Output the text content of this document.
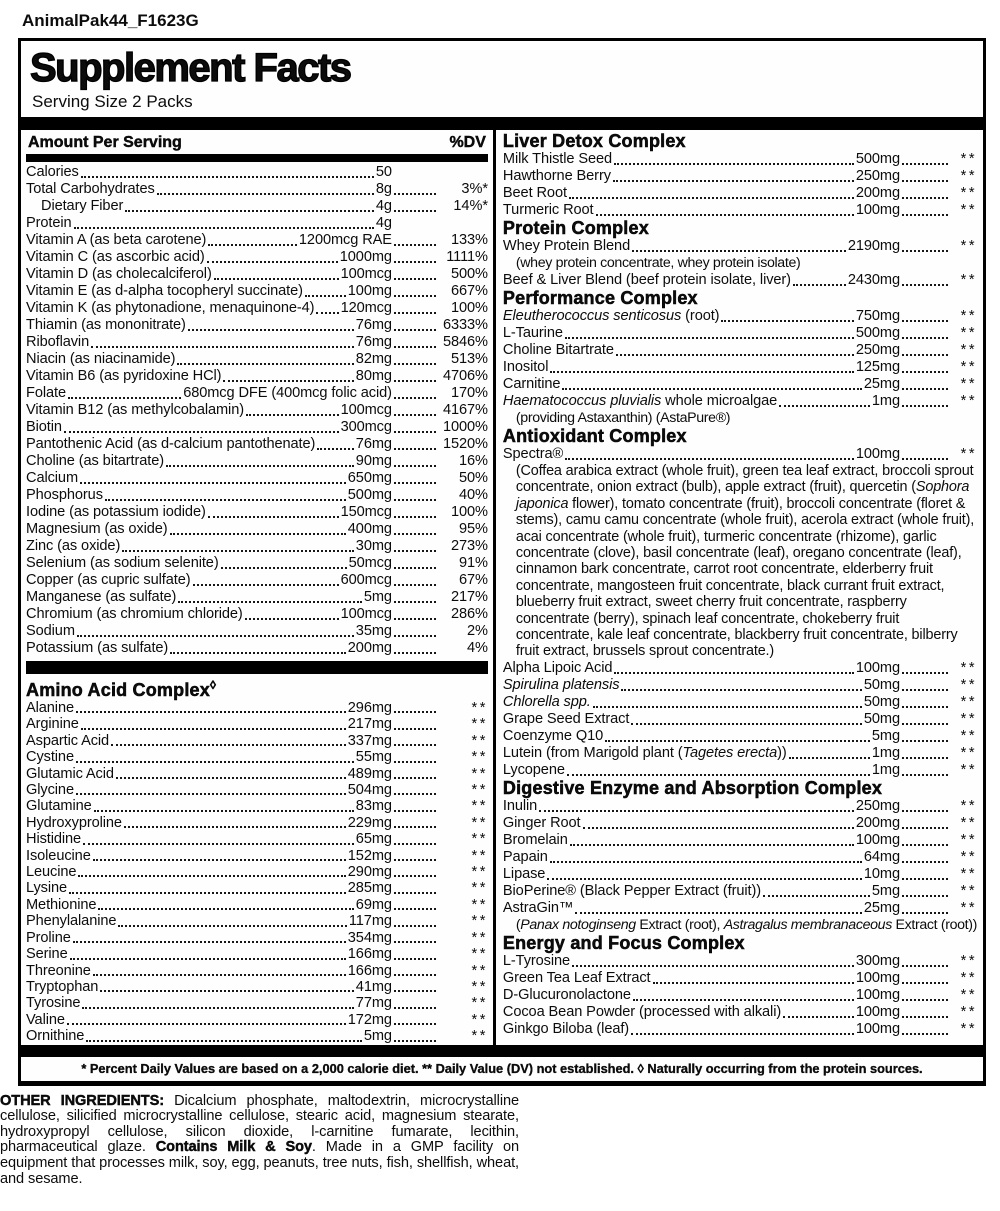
AnimalPak44_F1623G
Supplement Facts
Serving Size 2 Packs
Amount Per Serving	%DV
Calories	50
Total Carbohydrates	8g	3%*
Dietary Fiber	4g	14%*
Protein	4g
Vitamin A (as beta carotene)	1200mcg RAE	133%
Vitamin C (as ascorbic acid)	1000mg	1111%
Vitamin D (as cholecalciferol)	100mcg	500%
Vitamin E (as d-alpha tocopheryl succinate)	100mg	667%
Vitamin K (as phytonadione, menaquinone-4) 120mcg	100%
Thiamin (as mononitrate)	76mg	6333%
Riboflavin	76mg	5846%
Niacin (as niacinamide)	82mg	513%
Vitamin B6 (as pyridoxine HCl)	80mg	4706%
Folate	680mcg DFE (400mcg folic acid)	170%
Vitamin B12 (as methylcobalamin)	100mcg	4167%
Biotin	300mcg	1000%
Pantothenic Acid (as d-calcium pantothenate)	76mg	1520%
Choline (as bitartrate)	90mg	16%
Calcium	650mg	50%
Phosphorus	500mg	40%
Iodine (as potassium iodide)	150mcg	100%
Magnesium (as oxide)	400mg	95%
Zinc (as oxide)	30mg	273%
Selenium (as sodium selenite)	50mcg	91%
Copper (as cupric sulfate)	600mcg	67%
Manganese (as sulfate)	5mg	217%
Chromium (as chromium chloride)	100mcg	286%
Sodium	35mg	2%
Potassium (as sulfate)	200mg	4%
Amino Acid Complex◊
Alanine	296mg	**
Arginine	217mg	**
Aspartic Acid	337mg	**
Cystine	55mg	**
Glutamic Acid	489mg	**
Glycine	504mg	**
Glutamine	83mg	**
Hydroxyproline	229mg	**
Histidine	65mg	**
Isoleucine	152mg	**
Leucine	290mg	**
Lysine	285mg	**
Methionine	69mg	**
Phenylalanine	117mg	**
Proline	354mg	**
Serine	166mg	**
Threonine	166mg	**
Tryptophan	41mg	**
Tyrosine	77mg	**
Valine	172mg	**
Ornithine	5mg	**
Liver Detox Complex
Milk Thistle Seed	500mg	**
Hawthorne Berry	250mg	**
Beet Root	200mg	**
Turmeric Root	100mg	**
Protein Complex
Whey Protein Blend	2190mg	**
(whey protein concentrate, whey protein isolate)
Beef & Liver Blend (beef protein isolate, liver)	2430mg	**
Performance Complex
Eleutherococcus senticosus (root)	750mg	**
L-Taurine	500mg	**
Choline Bitartrate	250mg	**
Inositol	125mg	**
Carnitine	25mg	**
Haematococcus pluvialis whole microalgae	1mg	**
(providing Astaxanthin) (AstaPure®)
Antioxidant Complex
Spectra®	100mg	**
(Coffea arabica extract (whole fruit), green tea leaf extract, broccoli sprout concentrate, onion extract (bulb), apple extract (fruit), quercetin (Sophora japonica flower), tomato concentrate (fruit), broccoli concentrate (floret & stems), camu camu concentrate (whole fruit), acerola extract (whole fruit), acai concentrate (whole fruit), turmeric concentrate (rhizome), garlic concentrate (clove), basil concentrate (leaf), oregano concentrate (leaf), cinnamon bark concentrate, carrot root concentrate, elderberry fruit concentrate, mangosteen fruit concentrate, black currant fruit extract, blueberry fruit extract, sweet cherry fruit concentrate, raspberry concentrate (berry), spinach leaf concentrate, chokeberry fruit concentrate, kale leaf concentrate, blackberry fruit concentrate, bilberry fruit extract, brussels sprout concentrate.)
Alpha Lipoic Acid	100mg	**
Spirulina platensis	50mg	**
Chlorella spp.	50mg	**
Grape Seed Extract	50mg	**
Coenzyme Q10	5mg	**
Lutein (from Marigold plant (Tagetes erecta))	1mg	**
Lycopene	1mg	**
Digestive Enzyme and Absorption Complex
Inulin	250mg	**
Ginger Root	200mg	**
Bromelain	100mg	**
Papain	64mg	**
Lipase	10mg	**
BioPerine® (Black Pepper Extract (fruit))	5mg	**
AstraGin™	25mg	**
(Panax notoginseng Extract (root), Astragalus membranaceous Extract (root))
Energy and Focus Complex
L-Tyrosine	300mg	**
Green Tea Leaf Extract	100mg	**
D-Glucuronolactone	100mg	**
Cocoa Bean Powder (processed with alkali)	100mg	**
Ginkgo Biloba (leaf)	100mg	**
* Percent Daily Values are based on a 2,000 calorie diet. ** Daily Value (DV) not established. ◊ Naturally occurring from the protein sources.
OTHER INGREDIENTS: Dicalcium phosphate, maltodextrin, microcrystalline cellulose, silicified microcrystalline cellulose, stearic acid, magnesium stearate, hydroxypropyl cellulose, silicon dioxide, l-carnitine fumarate, lecithin, pharmaceutical glaze. Contains Milk & Soy. Made in a GMP facility on equipment that processes milk, soy, egg, peanuts, tree nuts, fish, shellfish, wheat, and sesame.
